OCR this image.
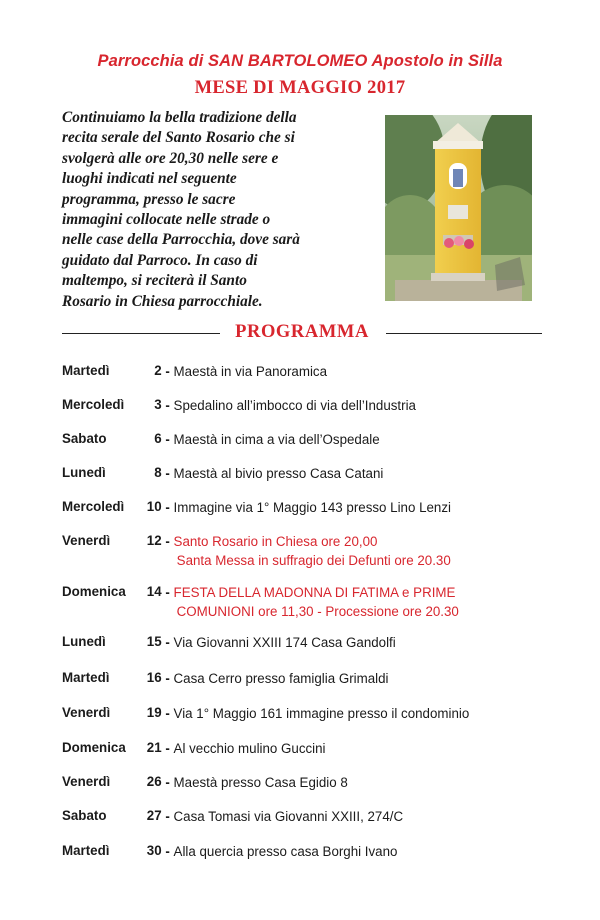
Parrocchia di SAN BARTOLOMEO Apostolo in Silla
MESE DI MAGGIO 2017
Continuiamo la bella tradizione della
recita serale del Santo Rosario che si
svolgerà alle ore 20,30 nelle sere e
luoghi indicati nel seguente
programma, presso le sacre
immagini collocate nelle strade o
nelle case della Parrocchia, dove sarà
guidato dal Parroco. In caso di
maltempo, si reciterà il Santo
Rosario in Chiesa parrocchiale.
PROGRAMMA
Martedì	2 - Maestà in via Panoramica
Mercoledì	3 - Spedalino all’imbocco di via dell’Industria
Sabato	6 - Maestà in cima a via dell’Ospedale
Lunedì	8 - Maestà al bivio presso Casa Catani
Mercoledì	10 - Immagine via 1° Maggio 143 presso Lino Lenzi
Venerdì	12 - Santo Rosario in Chiesa ore 20,00
Santa Messa in suffragio dei Defunti ore 20.30
Domenica	14 - FESTA DELLA MADONNA DI FATIMA e PRIME
COMUNIONI ore 11,30 - Processione ore 20.30
Lunedì	15 - Via Giovanni XXIII 174 Casa Gandolfi
Martedì	16 - Casa Cerro presso famiglia Grimaldi
Venerdì	19 - Via 1° Maggio 161 immagine presso il condominio
Domenica	21 - Al vecchio mulino Guccini
Venerdì	26 - Maestà presso Casa Egidio 8
Sabato	27 - Casa Tomasi via Giovanni XXIII, 274/C
Martedì	30 - Alla quercia presso casa Borghi Ivano
